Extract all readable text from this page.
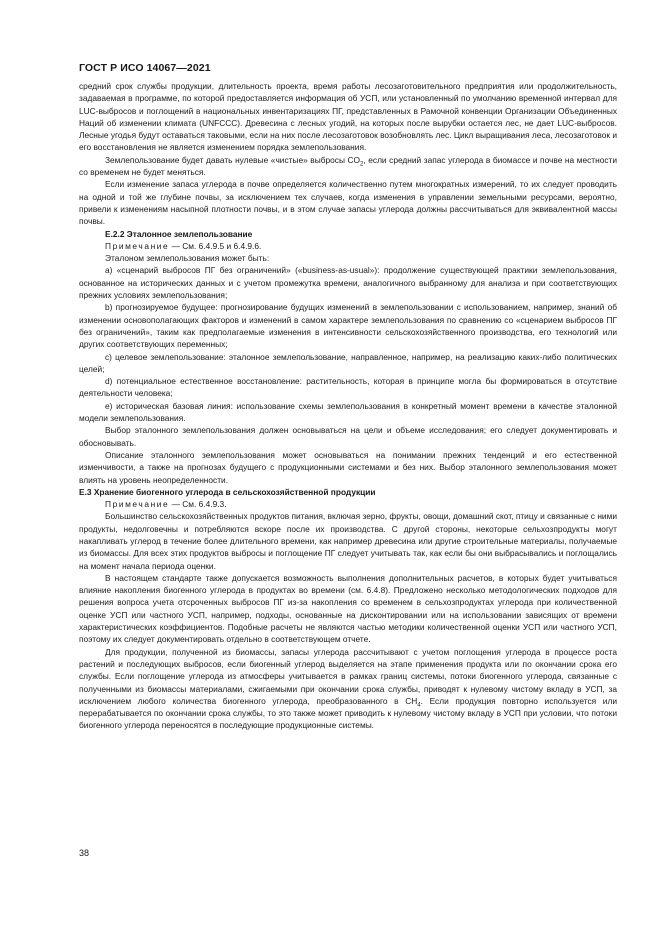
ГОСТ Р ИСО 14067—2021

средний срок службы продукции, длительность проекта, время работы лесозаготовительного предприятия или продолжительность, задаваемая в программе, по которой предоставляется информация об УСП, или установленный по умолчанию временной интервал для LUC-выбросов и поглощений в национальных инвентаризациях ПГ, представленных в Рамочной конвенции Организации Объединенных Наций об изменении климата (UNFCCC). Древесина с лесных угодий, на которых после вырубки остается лес, не дает LUC-выбросов. Лесные угодья будут оставаться таковыми, если на них после лесозаготовок возобновлять лес. Цикл выращивания леса, лесозаготовок и его восстановления не является изменением порядка землепользования.

Землепользование будет давать нулевые «чистые» выбросы $CO_2$, если средний запас углерода в биомассе и почве на местности со временем не будет меняться.

Если изменение запаса углерода в почве определяется количественно путем многократных измерений, то их следует проводить на одной и той же глубине почвы, за исключением тех случаев, когда изменения в управлении земельными ресурсами, вероятно, привели к изменениям насыпной плотности почвы, и в этом случае запасы углерода должны рассчитываться для эквивалентной массы почвы.

Е.2.2 Эталонное землепользование

Примечание — См. 6.4.9.5 и 6.4.9.6.

Эталоном землепользования может быть:

а) «сценарий выбросов ПГ без ограничений» («business-as-usual»): продолжение существующей практики землепользования, основанное на исторических данных и с учетом промежутка времени, аналогичного выбранному для анализа и при соответствующих прежних условиях землепользования;

b) прогнозируемое будущее: прогнозирование будущих изменений в землепользовании с использованием, например, знаний об изменении основополагающих факторов и изменений в самом характере землепользования по сравнению со «сценарием выбросов ПГ без ограничений», таким как предполагаемые изменения в интенсивности сельскохозяйственного производства, его технологий или других соответствующих переменных;

с) целевое землепользование: эталонное землепользование, направленное, например, на реализацию каких-либо политических целей;

d) потенциальное естественное восстановление: растительность, которая в принципе могла бы формироваться в отсутствие деятельности человека;

е) историческая базовая линия: использование схемы землепользования в конкретный момент времени в качестве эталонной модели землепользования.

Выбор эталонного землепользования должен основываться на цели и объеме исследования; его следует документировать и обосновывать.

Описание эталонного землепользования может основываться на понимании прежних тенденций и его естественной изменчивости, а также на прогнозах будущего с продукционными системами и без них. Выбор эталонного землепользования может влиять на уровень неопределенности.

Е.3 Хранение биогенного углерода в сельскохозяйственной продукции

Примечание — См. 6.4.9.3.

Большинство сельскохозяйственных продуктов питания, включая зерно, фрукты, овощи, домашний скот, птицу и связанные с ними продукты, недолговечны и потребляются вскоре после их производства. С другой стороны, некоторые сельхозпродукты могут накапливать углерод в течение более длительного времени, как например древесина или другие строительные материалы, получаемые из биомассы. Для всех этих продуктов выбросы и поглощение ПГ следует учитывать так, как если бы они выбрасывались и поглощались на момент начала периода оценки.

В настоящем стандарте также допускается возможность выполнения дополнительных расчетов, в которых будет учитываться влияние накопления биогенного углерода в продуктах во времени (см. 6.4.8). Предложено несколько методологических подходов для решения вопроса учета отсроченных выбросов ПГ из-за накопления со временем в сельхозпродуктах углерода при количественной оценке УСП или частного УСП, например, подходы, основанные на дисконтировании или на использовании зависящих от времени характеристических коэффициентов. Подобные расчеты не являются частью методики количественной оценки УСП или частного УСП, поэтому их следует документировать отдельно в соответствующем отчете.

Для продукции, полученной из биомассы, запасы углерода рассчитывают с учетом поглощения углерода в процессе роста растений и последующих выбросов, если биогенный углерод выделяется на этапе применения продукта или по окончании срока его службы. Если поглощение углерода из атмосферы учитывается в рамках границ системы, потоки биогенного углерода, связанные с полученными из биомассы материалами, сжигаемыми при окончании срока службы, приводят к нулевому чистому вкладу в УСП, за исключением любого количества биогенного углерода, преобразованного в $CH_4$. Если продукция повторно используется или перерабатывается по окончании срока службы, то это также может приводить к нулевому чистому вкладу в УСП при условии, что потоки биогенного углерода переносятся в последующие продукционные системы.

38
